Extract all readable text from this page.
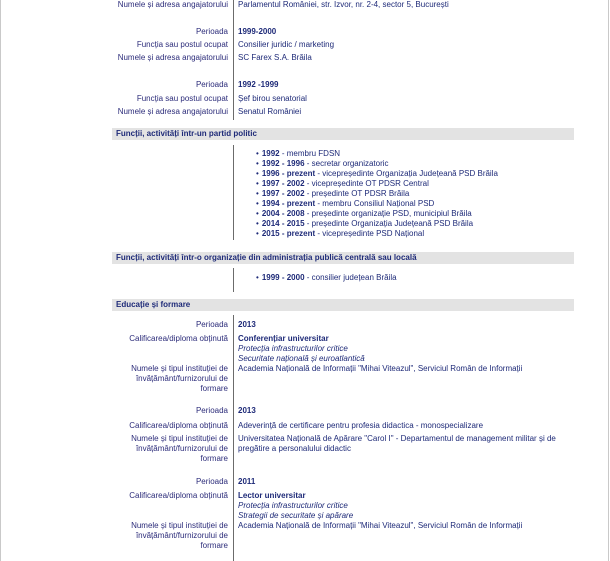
Numele și adresa angajatorului Parlamentul României, str. Izvor, nr. 2-4, sector 5, București
Perioada 1999-2000
Funcția sau postul ocupat Consilier juridic / marketing
Numele și adresa angajatorului SC Farex S.A. Brăila
Perioada 1992 -1999
Funcția sau postul ocupat Șef birou senatorial
Numele și adresa angajatorului Senatul României
Funcții, activități într-un partid politic
• 1992 - membru FDSN
• 1992 - 1996 - secretar organizatoric
• 1996 - prezent - vicepreședinte Organizația Județeană PSD Brăila
• 1997 - 2002 - vicepreședinte OT PDSR Central
• 1997 - 2002 - președinte OT PDSR Brăila
• 1994 - prezent - membru Consiliul Național PSD
• 2004 - 2008 - președinte organizație PSD, municipiul Brăila
• 2014 - 2015 - președinte Organizația Județeană PSD Brăila
• 2015 - prezent - vicepreședinte PSD Național
Funcții, activități într-o organizație din administrația publică centrală sau locală
• 1999 - 2000 - consilier județean Brăila
Educație și formare
Perioada 2013
Calificarea/diploma obținută Conferențiar universitar
Protecția infrastructurilor critice
Securitate națională și euroatlantică
Numele și tipul instituției de
învățământ/furnizorului de
formare
Academia Națională de Informații "Mihai Viteazul", Serviciul Român de Informații
Perioada 2013
Calificarea/diploma obținută Adeverință de certificare pentru profesia didactica - monospecializare
Numele și tipul instituției de
învățământ/furnizorului de
formare
Universitatea Națională de Apărare "Carol I" - Departamentul de management militar și de
pregătire a personalului didactic
Perioada 2011
Calificarea/diploma obținută Lector universitar
Protecția infrastructurilor critice
Strategii de securitate și apărare
Numele și tipul instituției de
învățământ/furnizorului de
formare
Academia Națională de Informații "Mihai Viteazul", Serviciul Român de Informații
